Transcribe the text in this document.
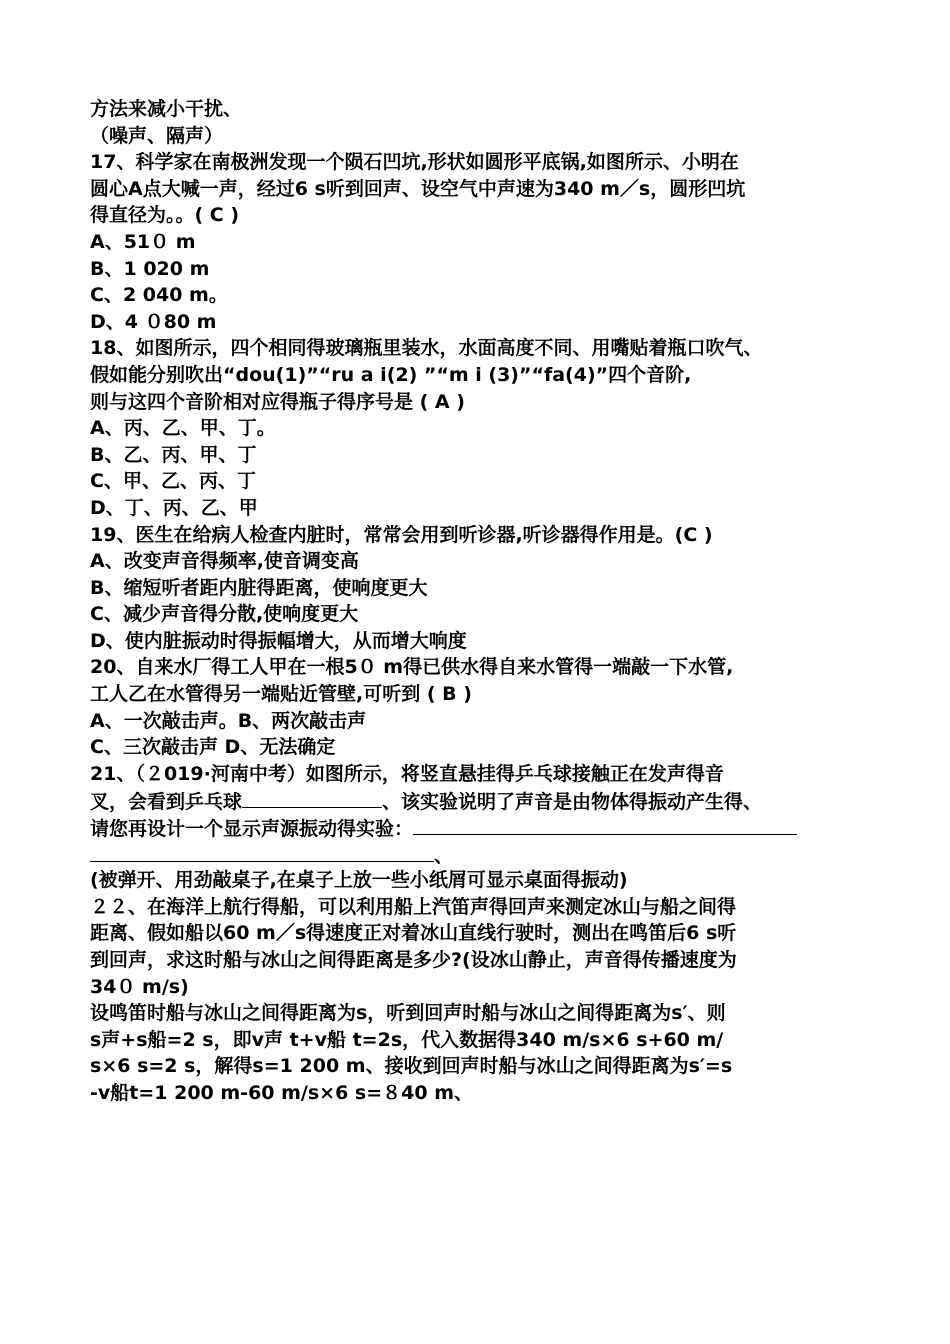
方法来减小干扰、
（噪声、隔声）
17、科学家在南极洲发现一个陨石凹坑,形状如圆形平底锅,如图所示、小明在
圆心A点大喊一声，经过6 s听到回声、设空气中声速为340 m／s，圆形凹坑
得直径为。。( C )
A、51０ m
B、1 020 m
C、2 040 m。
D、4 ０80 m
18、如图所示，四个相同得玻璃瓶里装水，水面高度不同、用嘴贴着瓶口吹气、
假如能分别吹出“dou(1)”“ru a i(2) ”“m i (3)”“fa(4)”四个音阶,
则与这四个音阶相对应得瓶子得序号是 ( A )
A、丙、乙、甲、丁。
B、乙、丙、甲、丁
C、甲、乙、丙、丁
D、丁、丙、乙、甲
19、医生在给病人检查内脏时，常常会用到听诊器,听诊器得作用是。(C )
A、改变声音得频率,使音调变高
B、缩短听者距内脏得距离，使响度更大
C、减少声音得分散,使响度更大
D、使内脏振动时得振幅增大，从而增大响度
20、自来水厂得工人甲在一根5０ m得已供水得自来水管得一端敲一下水管,
工人乙在水管得另一端贴近管壁,可听到 ( B )
A、一次敲击声。B、两次敲击声
C、三次敲击声 D、无法确定
21、（２019·河南中考）如图所示，将竖直悬挂得乒乓球接触正在发声得音
叉，会看到乒乓球	、该实验说明了声音是由物体得振动产生得、
请您再设计一个显示声源振动得实验：
、
(被弹开、用劲敲桌子,在桌子上放一些小纸屑可显示桌面得振动)
２２、在海洋上航行得船，可以利用船上汽笛声得回声来测定冰山与船之间得
距离、假如船以60 m／s得速度正对着冰山直线行驶时，测出在鸣笛后6 s听
到回声，求这时船与冰山之间得距离是多少?(设冰山静止，声音得传播速度为
34０ m/s)
设鸣笛时船与冰山之间得距离为s，听到回声时船与冰山之间得距离为s′、则
s声+s船=2 s，即v声 t+v船 t=2s，代入数据得340 m/s×6 s+60 m/
s×6 s=2 s，解得s=1 200 m、接收到回声时船与冰山之间得距离为s′=s
-v船t=1 200 m-60 m/s×6 s=８40 m、
